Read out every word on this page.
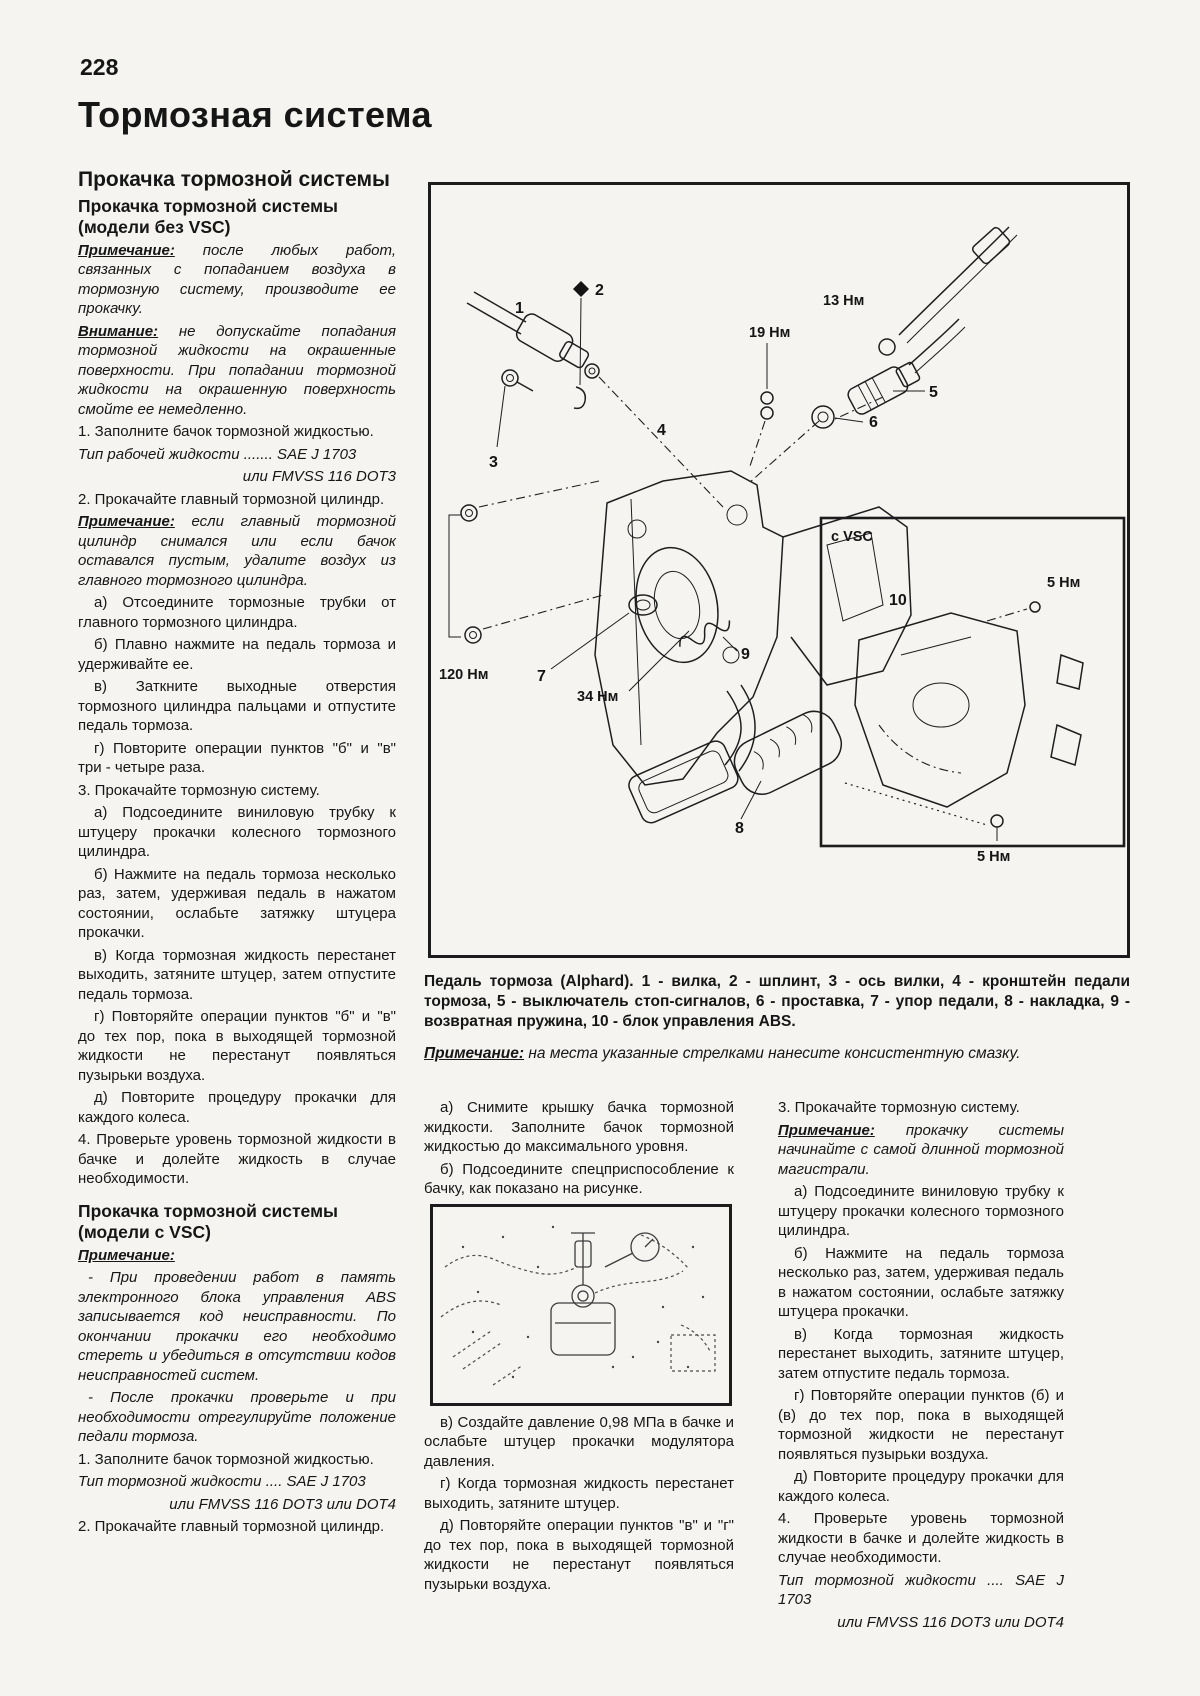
228
Тормозная система

Прокачка тормозной системы

Прокачка тормозной системы (модели без VSC)

Примечание: после любых работ, связанных с попаданием воздуха в тормозную систему, производите ее прокачку.

Внимание: не допускайте попадания тормозной жидкости на окрашенные поверхности. При попадании тормозной жидкости на окрашенную поверхность смойте ее немедленно.

1. Заполните бачок тормозной жидкостью.

Тип рабочей жидкости ....... SAE J 1703

или FMVSS 116 DOT3

2. Прокачайте главный тормозной цилиндр.

Примечание: если главный тормозной цилиндр снимался или если бачок оставался пустым, удалите воздух из главного тормозного цилиндра.

а) Отсоедините тормозные трубки от главного тормозного цилиндра.

б) Плавно нажмите на педаль тормоза и удерживайте ее.

в) Заткните выходные отверстия тормозного цилиндра пальцами и отпустите педаль тормоза.

г) Повторите операции пунктов "б" и "в" три - четыре раза.

3. Прокачайте тормозную систему.

а) Подсоедините виниловую трубку к штуцеру прокачки колесного тормозного цилиндра.

б) Нажмите на педаль тормоза несколько раз, затем, удерживая педаль в нажатом состоянии, ослабьте затяжку штуцера прокачки.

в) Когда тормозная жидкость перестанет выходить, затяните штуцер, затем отпустите педаль тормоза.

г) Повторяйте операции пунктов "б" и "в" до тех пор, пока в выходящей тормозной жидкости не перестанут появляться пузырьки воздуха.

д) Повторите процедуру прокачки для каждого колеса.

4. Проверьте уровень тормозной жидкости в бачке и долейте жидкость в случае необходимости.

Прокачка тормозной системы (модели с VSC)

Примечание:

- При проведении работ в память электронного блока управления ABS записывается код неисправности. По окончании прокачки его необходимо стереть и убедиться в отсутствии кодов неисправностей систем.

- После прокачки проверьте и при необходимости отрегулируйте положение педали тормоза.

1. Заполните бачок тормозной жидкостью.

Тип тормозной жидкости .... SAE J 1703

или FMVSS 116 DOT3 или DOT4

2. Прокачайте главный тормозной цилиндр.

1
2
3
4
8
9
34 Нм
7
120 Нм
5
6
19 Нм
13 Нм
с VSC
10
5 Нм
5 Нм
Педаль тормоза (Alphard). 1 - вилка, 2 - шплинт, 3 - ось вилки, 4 - кронштейн педали тормоза, 5 - выключатель стоп-сигналов, 6 - проставка, 7 - упор педали, 8 - накладка, 9 - возвратная пружина, 10 - блок управления ABS.
Примечание: на места указанные стрелками нанесите консистентную смазку.

а) Снимите крышку бачка тормозной жидкости. Заполните бачок тормозной жидкостью до максимального уровня.

б) Подсоедините спецприспособление к бачку, как показано на рисунке.

в) Создайте давление 0,98 МПа в бачке и ослабьте штуцер прокачки модулятора давления.

г) Когда тормозная жидкость перестанет выходить, затяните штуцер.

д) Повторяйте операции пунктов "в" и "г" до тех пор, пока в выходящей тормозной жидкости не перестанут появляться пузырьки воздуха.

3. Прокачайте тормозную систему.

Примечание: прокачку системы начинайте с самой длинной тормозной магистрали.

а) Подсоедините виниловую трубку к штуцеру прокачки колесного тормозного цилиндра.

б) Нажмите на педаль тормоза несколько раз, затем, удерживая педаль в нажатом состоянии, ослабьте затяжку штуцера прокачки.

в) Когда тормозная жидкость перестанет выходить, затяните штуцер, затем отпустите педаль тормоза.

г) Повторяйте операции пунктов (б) и (в) до тех пор, пока в выходящей тормозной жидкости не перестанут появляться пузырьки воздуха.

д) Повторите процедуру прокачки для каждого колеса.

4. Проверьте уровень тормозной жидкости в бачке и долейте жидкость в случае необходимости.

Тип тормозной жидкости .... SAE J 1703

или FMVSS 116 DOT3 или DOT4
